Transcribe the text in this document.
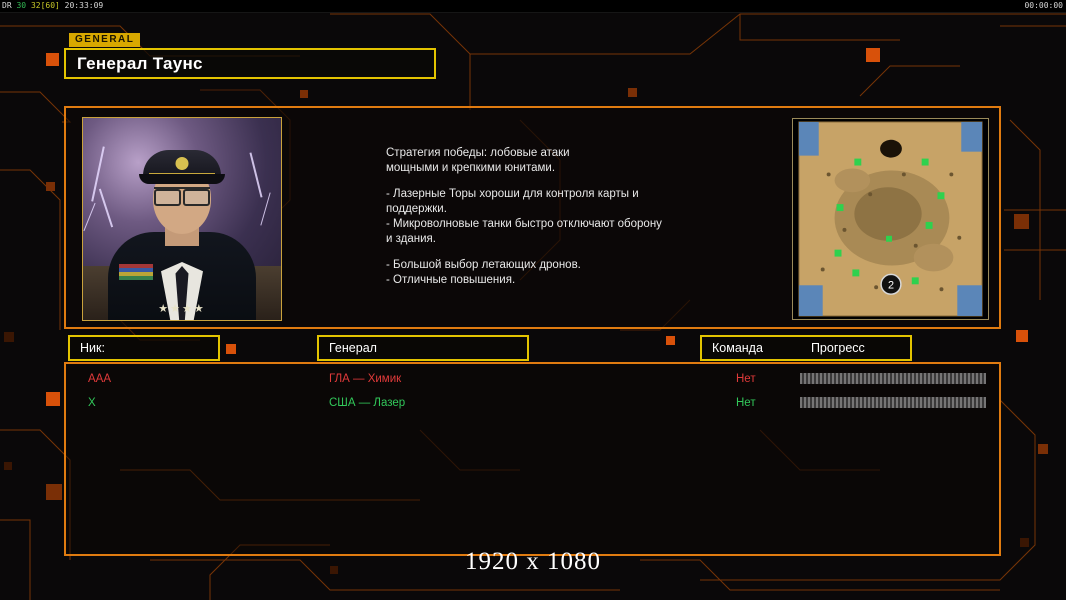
DR 30 32[60] 20:33:09	00:00:00
GENERAL
Генерал Таунс
★★★★

Стратегия победы: лобовые атаки
мощными и крепкими юнитами.

- Лазерные Торы хороши для контроля карты и
поддержки.
- Микроволновые танки быстро отключают оборону
и здания.

- Большой выбор летающих дронов.
- Отличные повышения.	2
Ник:	Генерал	Команда	Прогресс
ААА	ГЛА — Химик	Нет
X	США — Лазер	Нет
1920 x 1080
